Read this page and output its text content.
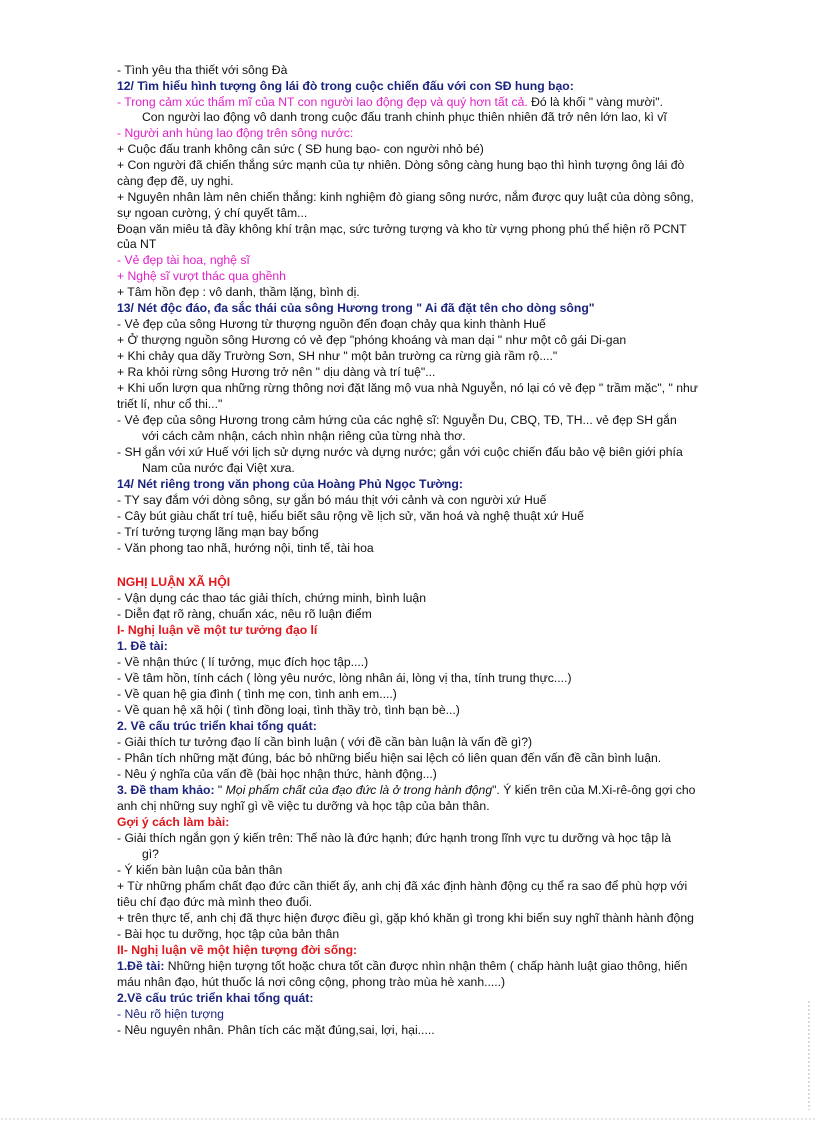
- Tình yêu tha thiết với sông Đà
12/ Tìm hiểu hình tượng ông lái đò trong cuộc chiến đấu với con SĐ hung bạo:
- Trong cảm xúc thẩm mĩ của NT con người lao động đẹp và quý hơn tất cả. Đó là khối " vàng mười".
Con người lao động vô danh trong cuộc đấu tranh chinh phục thiên nhiên đã trở nên lớn lao, kì vĩ
- Người anh hùng lao động trên sông nước:
+ Cuộc đấu tranh không cân sức ( SĐ hung bạo- con người nhỏ bé)
+ Con người đã chiến thắng sức mạnh của tự nhiên. Dòng sông càng hung bạo thì hình tượng ông lái đò
càng đẹp đẽ, uy nghi.
+ Nguyên nhân làm nên chiến thắng: kinh nghiệm đò giang sông nước, nắm được quy luật của dòng sông,
sự ngoan cường, ý chí quyết tâm...
Đoạn văn miêu tả đầy không khí trận mạc, sức tưởng tượng và kho từ vựng phong phú thể hiện rõ PCNT
của NT
- Vẻ đẹp tài hoa, nghệ sĩ
+ Nghệ sĩ vượt thác qua ghềnh
+ Tâm hồn đẹp : vô danh, thầm lặng, bình dị.
13/ Nét độc đáo, đa sắc thái của sông Hương trong " Ai đã đặt tên cho dòng sông"
- Vẻ đẹp của sông Hương từ thượng nguồn đến đoạn chảy qua kinh thành Huế
+ Ở thượng nguồn sông Hương có vẻ đẹp "phóng khoáng và man dại " như một cô gái Di-gan
+ Khi chảy qua dãy Trường Sơn, SH như " một bản trường ca rừng già rầm rộ...."
+ Ra khỏi rừng sông Hương trở nên " dịu dàng và trí tuệ"...
+ Khi uốn lượn qua những rừng thông nơi đặt lăng mộ vua nhà Nguyễn, nó lại có vẻ đẹp " trầm mặc", " như
triết lí, như cổ thi..."
- Vẻ đẹp của sông Hương trong cảm hứng của các nghệ sĩ: Nguyễn Du, CBQ, TĐ, TH... vẻ đẹp SH gắn
với cách cảm nhận, cách nhìn nhận riêng của từng nhà thơ.
- SH gắn với xứ Huế với lịch sử dựng nước và dựng nước; gắn với cuộc chiến đấu bảo vệ biên giới phía
Nam của nước đại Việt xưa.
14/ Nét riêng trong văn phong của Hoàng Phủ Ngọc Tường:
- TY say đắm với dòng sông, sự gắn bó máu thịt với cảnh và con người xứ Huế
- Cây bút giàu chất trí tuệ, hiểu biết sâu rộng về lịch sử, văn hoá và nghệ thuật xứ Huế
- Trí tưởng tượng lãng mạn bay bổng
- Văn phong tao nhã, hướng nội, tinh tế, tài hoa
NGHỊ LUẬN XÃ HỘI
- Vận dụng các thao tác giải thích, chứng minh, bình luận
- Diễn đạt rõ ràng, chuẩn xác, nêu rõ luận điểm
I- Nghị luận về một tư tưởng đạo lí
1. Đề tài:
- Về nhận thức ( lí tưởng, mục đích học tập....)
- Về tâm hồn, tính cách ( lòng yêu nước, lòng nhân ái, lòng vị tha, tính trung thực....)
- Về quan hệ gia đình ( tình mẹ con, tình anh em....)
- Về quan hệ xã hội ( tình đồng loại, tình thầy trò, tình bạn bè...)
2. Về cấu trúc triển khai tổng quát:
- Giải thích tư tưởng đạo lí cần bình luận ( với đề cần bàn luận là vấn đề gì?)
- Phân tích những mặt đúng, bác bỏ những biểu hiện sai lệch có liên quan đến vấn đề cần bình luận.
- Nêu ý nghĩa của vấn đề (bài học nhận thức, hành động...)
3. Đề tham khảo: " Mọi phẩm chất của đạo đức là ở trong hành động". Ý kiến trên của M.Xi-rê-ông gợi cho
anh chị những suy nghĩ gì về việc tu dưỡng và học tập của bản thân.
Gợi ý cách làm bài:
- Giải thích ngắn gọn ý kiến trên: Thế nào là đức hạnh; đức hạnh trong lĩnh vực tu dưỡng và học tập là
gì?
- Ý kiến bàn luận của bản thân
+ Từ những phẩm chất đạo đức cần thiết ấy, anh chị đã xác định hành động cụ thể ra sao để phù hợp với
tiêu chí đạo đức mà mình theo đuổi.
+ trên thực tế, anh chị đã thực hiện được điều gì, gặp khó khăn gì trong khi biến suy nghĩ thành hành động
- Bài học tu dưỡng, học tập của bản thân
II- Nghị luận về một hiện tượng đời sống:
1.Đề tài: Những hiện tượng tốt hoặc chưa tốt cần được nhìn nhận thêm ( chấp hành luật giao thông, hiến
máu nhân đạo, hút thuốc lá nơi công cộng, phong trào mùa hè xanh.....)
2.Về cấu trúc triển khai tổng quát:
- Nêu rõ hiện tượng
- Nêu nguyên nhân. Phân tích các mặt đúng,sai, lợi, hại.....
